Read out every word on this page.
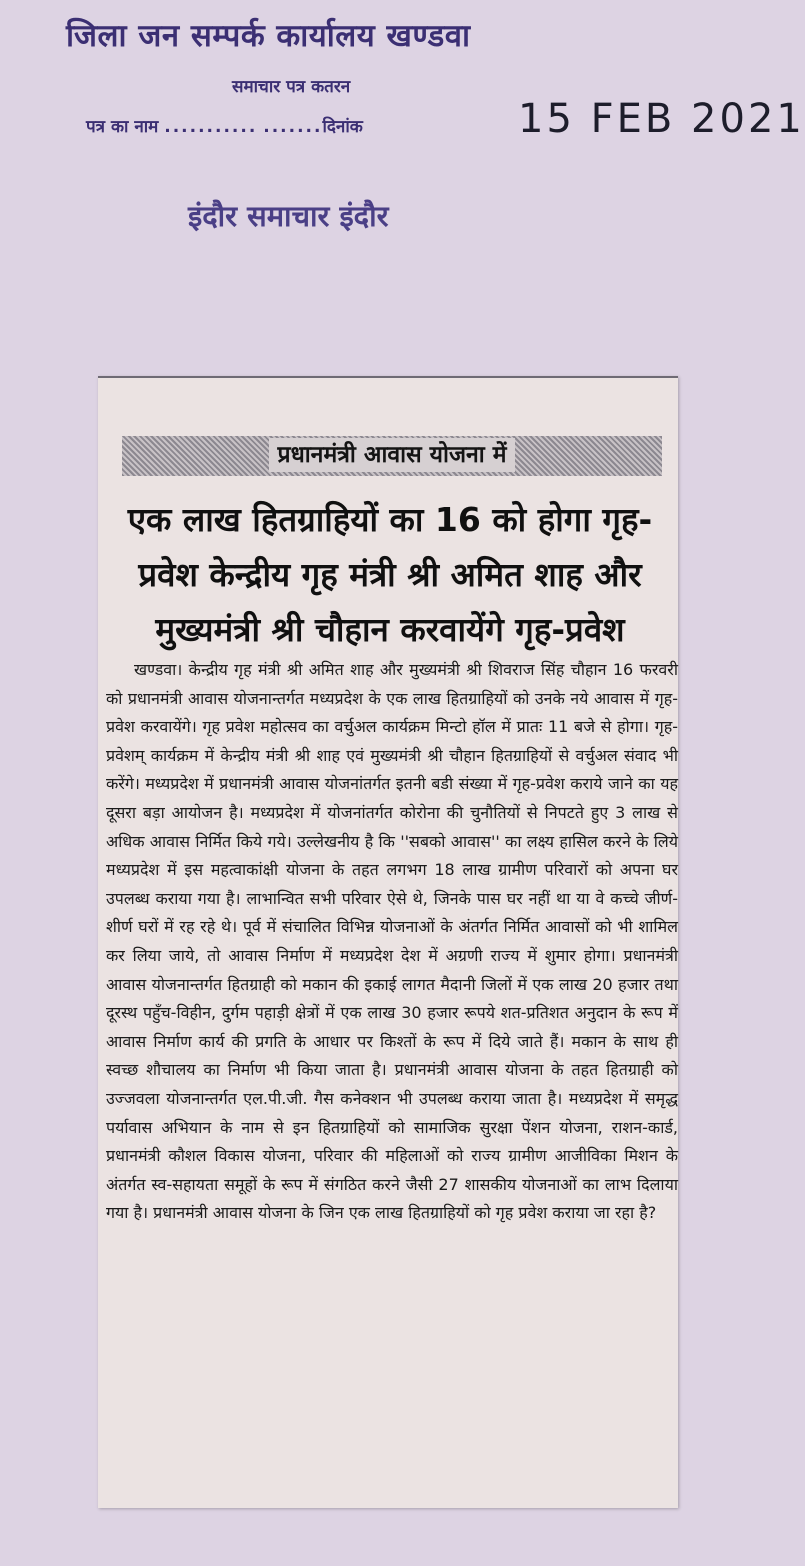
जिला जन सम्पर्क कार्यालय खण्डवा
समाचार पत्र कतरन
पत्र का नाम ........... .......दिनांक	15 FEB 2021
इंदौर समाचार इंदौर
प्रधानमंत्री आवास योजना में
एक लाख हितग्राहियों का 16 को होगा गृह-प्रवेश केन्द्रीय गृह मंत्री श्री अमित शाह और मुख्यमंत्री श्री चौहान करवायेंगे गृह-प्रवेश

खण्डवा। केन्द्रीय गृह मंत्री श्री अमित शाह और मुख्यमंत्री श्री शिवराज सिंह चौहान 16 फरवरी को प्रधानमंत्री आवास योजनान्तर्गत मध्यप्रदेश के एक लाख हितग्राहियों को उनके नये आवास में गृह-प्रवेश करवायेंगे। गृह प्रवेश महोत्सव का वर्चुअल कार्यक्रम मिन्टो हॉल में प्रातः 11 बजे से होगा। गृह-प्रवेशम् कार्यक्रम में केन्द्रीय मंत्री श्री शाह एवं मुख्यमंत्री श्री चौहान हितग्राहियों से वर्चुअल संवाद भी करेंगे। मध्यप्रदेश में प्रधानमंत्री आवास योजनांतर्गत इतनी बडी संख्या में गृह-प्रवेश कराये जाने का यह दूसरा बड़ा आयोजन है। मध्यप्रदेश में योजनांतर्गत कोरोना की चुनौतियों से निपटते हुए 3 लाख से अधिक आवास निर्मित किये गये। उल्लेखनीय है कि ''सबको आवास'' का लक्ष्य हासिल करने के लिये मध्यप्रदेश में इस महत्वाकांक्षी योजना के तहत लगभग 18 लाख ग्रामीण परिवारों को अपना घर उपलब्ध कराया गया है। लाभान्वित सभी परिवार ऐसे थे, जिनके पास घर नहीं था या वे कच्चे जीर्ण-शीर्ण घरों में रह रहे थे। पूर्व में संचालित विभिन्न योजनाओं के अंतर्गत निर्मित आवासों को भी शामिल कर लिया जाये, तो आवास निर्माण में मध्यप्रदेश देश में अग्रणी राज्य में शुमार होगा। प्रधानमंत्री आवास योजनान्तर्गत हितग्राही को मकान की इकाई लागत मैदानी जिलों में एक लाख 20 हजार तथा दूरस्थ पहुँच-विहीन, दुर्गम पहाड़ी क्षेत्रों में एक लाख 30 हजार रूपये शत-प्रतिशत अनुदान के रूप में आवास निर्माण कार्य की प्रगति के आधार पर किश्तों के रूप में दिये जाते हैं। मकान के साथ ही स्वच्छ शौचालय का निर्माण भी किया जाता है। प्रधानमंत्री आवास योजना के तहत हितग्राही को उज्जवला योजनान्तर्गत एल.पी.जी. गैस कनेक्शन भी उपलब्ध कराया जाता है। मध्यप्रदेश में समृद्ध पर्यावास अभियान के नाम से इन हितग्राहियों को सामाजिक सुरक्षा पेंशन योजना, राशन-कार्ड, प्रधानमंत्री कौशल विकास योजना, परिवार की महिलाओं को राज्य ग्रामीण आजीविका मिशन के अंतर्गत स्व-सहायता समूहों के रूप में संगठित करने जैसी 27 शासकीय योजनाओं का लाभ दिलाया गया है। प्रधानमंत्री आवास योजना के जिन एक लाख हितग्राहियों को गृह प्रवेश कराया जा रहा है?
